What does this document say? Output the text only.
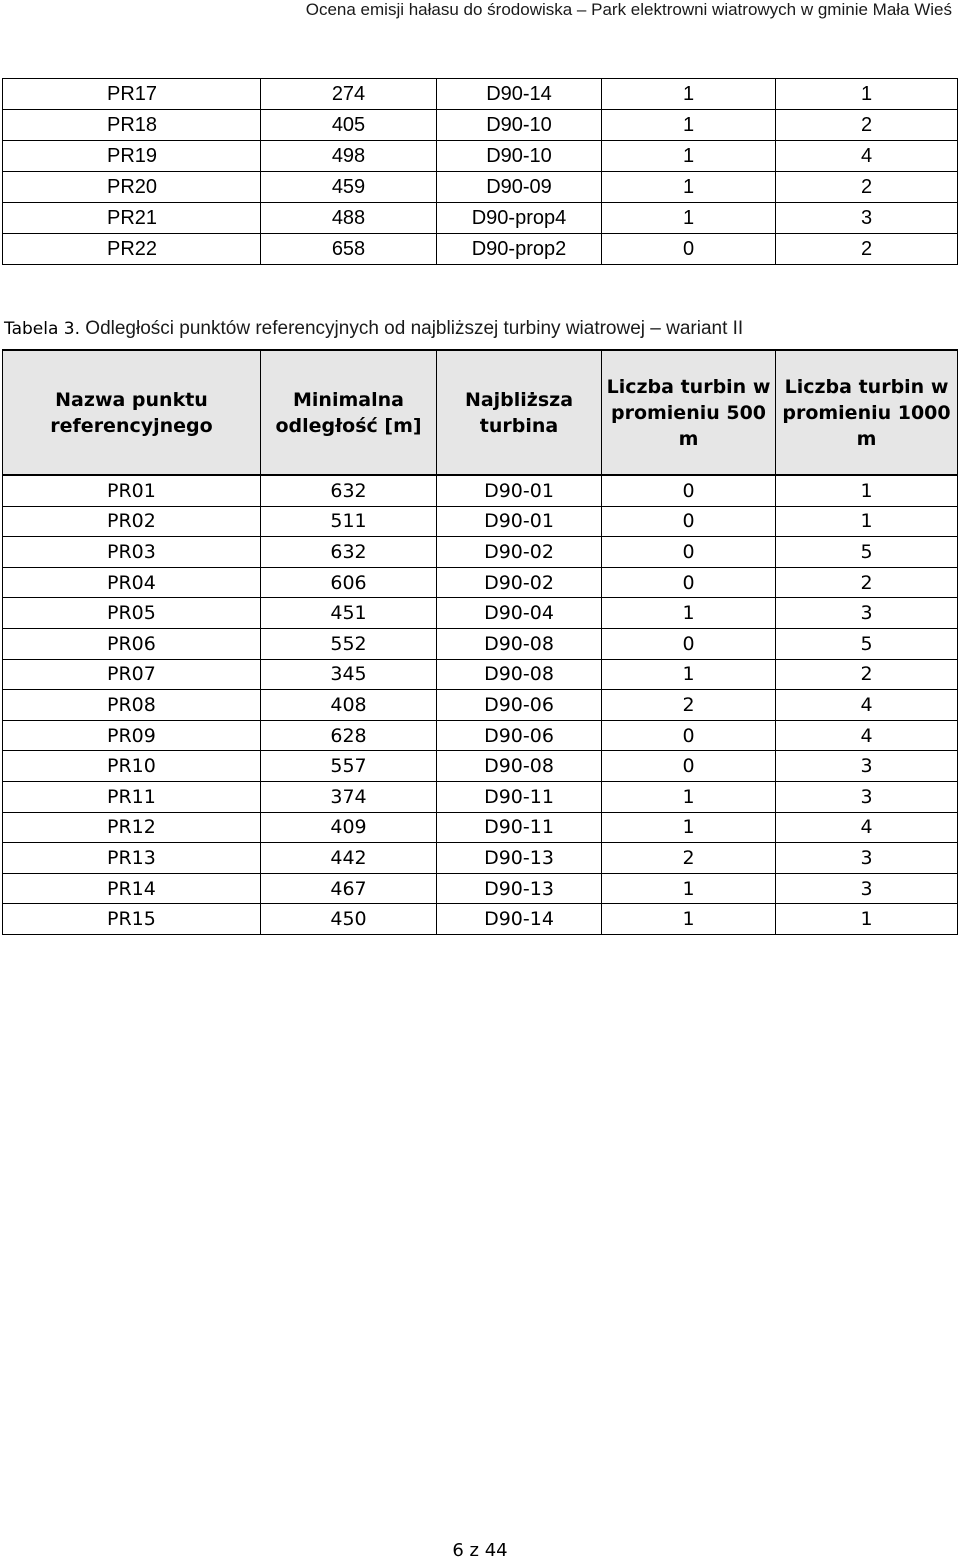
Ocena emisji hałasu do środowiska – Park elektrowni wiatrowych w gminie Mała Wieś
PR17	274	D90-14	1	1
PR18	405	D90-10	1	2
PR19	498	D90-10	1	4
PR20	459	D90-09	1	2
PR21	488	D90-prop4	1	3
PR22	658	D90-prop2	0	2
Tabela 3. Odległości punktów referencyjnych od najbliższej turbiny wiatrowej – wariant II
Nazwa punktu referencyjnego	Minimalna odległość [m]	Najbliższa turbina	Liczba turbin w promieniu 500 m	Liczba turbin w promieniu 1000 m
PR01	632	D90-01	0	1
PR02	511	D90-01	0	1
PR03	632	D90-02	0	5
PR04	606	D90-02	0	2
PR05	451	D90-04	1	3
PR06	552	D90-08	0	5
PR07	345	D90-08	1	2
PR08	408	D90-06	2	4
PR09	628	D90-06	0	4
PR10	557	D90-08	0	3
PR11	374	D90-11	1	3
PR12	409	D90-11	1	4
PR13	442	D90-13	2	3
PR14	467	D90-13	1	3
PR15	450	D90-14	1	1
6 z 44
